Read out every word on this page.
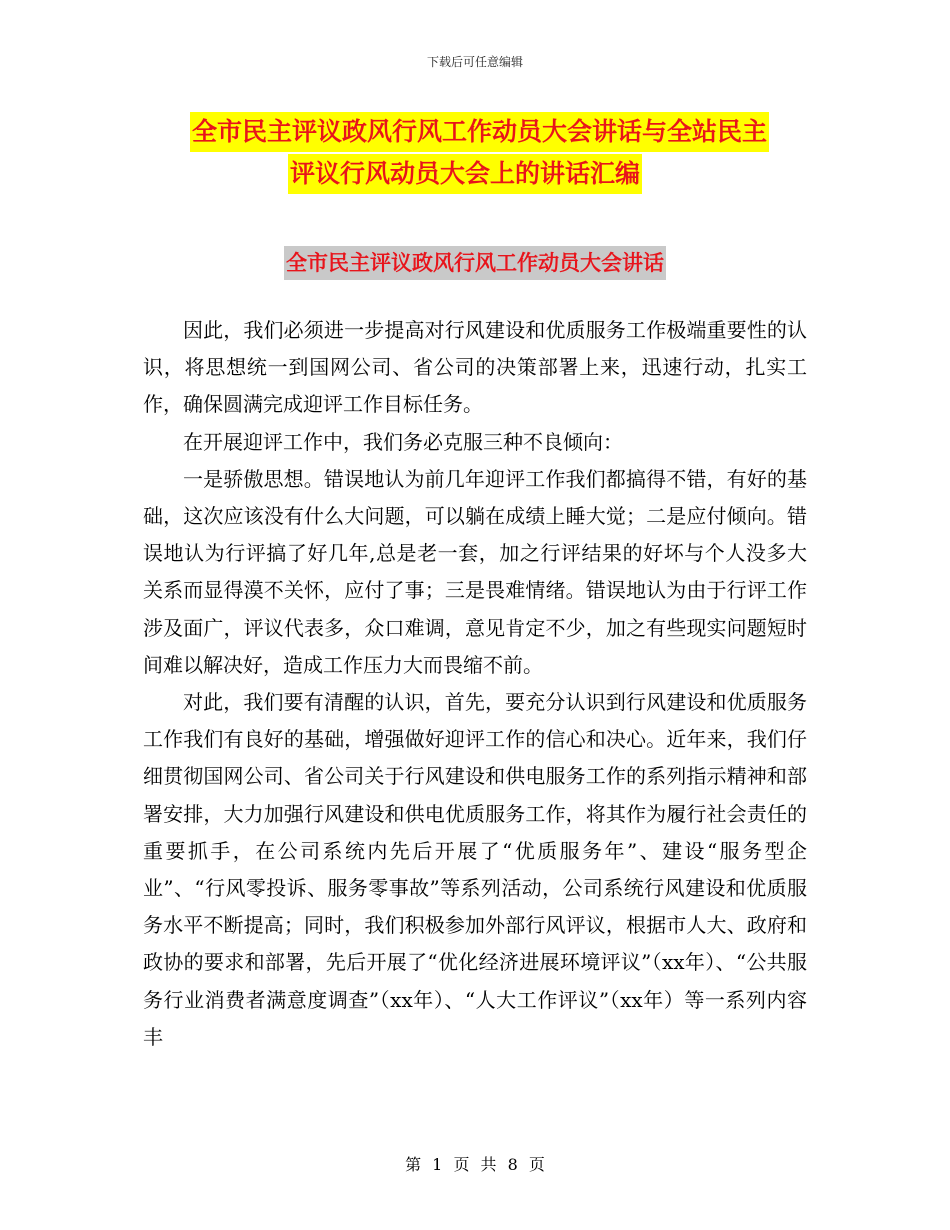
下载后可任意编辑
全市民主评议政风行风工作动员大会讲话与全站民主
评议行风动员大会上的讲话汇编
全市民主评议政风行风工作动员大会讲话

因此，我们必须进一步提高对行风建设和优质服务工作极端重要性的认识，将思想统一到国网公司、省公司的决策部署上来，迅速行动，扎实工作，确保圆满完成迎评工作目标任务。

在开展迎评工作中，我们务必克服三种不良倾向：

一是骄傲思想。错误地认为前几年迎评工作我们都搞得不错，有好的基础，这次应该没有什么大问题，可以躺在成绩上睡大觉；二是应付倾向。错误地认为行评搞了好几年,总是老一套，加之行评结果的好坏与个人没多大关系而显得漠不关怀，应付了事；三是畏难情绪。错误地认为由于行评工作涉及面广，评议代表多，众口难调，意见肯定不少，加之有些现实问题短时间难以解决好，造成工作压力大而畏缩不前。

对此，我们要有清醒的认识，首先，要充分认识到行风建设和优质服务工作我们有良好的基础，增强做好迎评工作的信心和决心。近年来，我们仔细贯彻国网公司、省公司关于行风建设和供电服务工作的系列指示精神和部署安排，大力加强行风建设和供电优质服务工作，将其作为履行社会责任的重要抓手，在公司系统内先后开展了“优质服务年”、建设“服务型企业”、“行风零投诉、服务零事故”等系列活动，公司系统行风建设和优质服务水平不断提高；同时，我们积极参加外部行风评议，根据市人大、政府和政协的要求和部署，先后开展了“优化经济进展环境评议”（xx年）、“公共服务行业消费者满意度调查”（xx年）、“人大工作评议”（xx年）等一系列内容丰

第 1 页 共 8 页
